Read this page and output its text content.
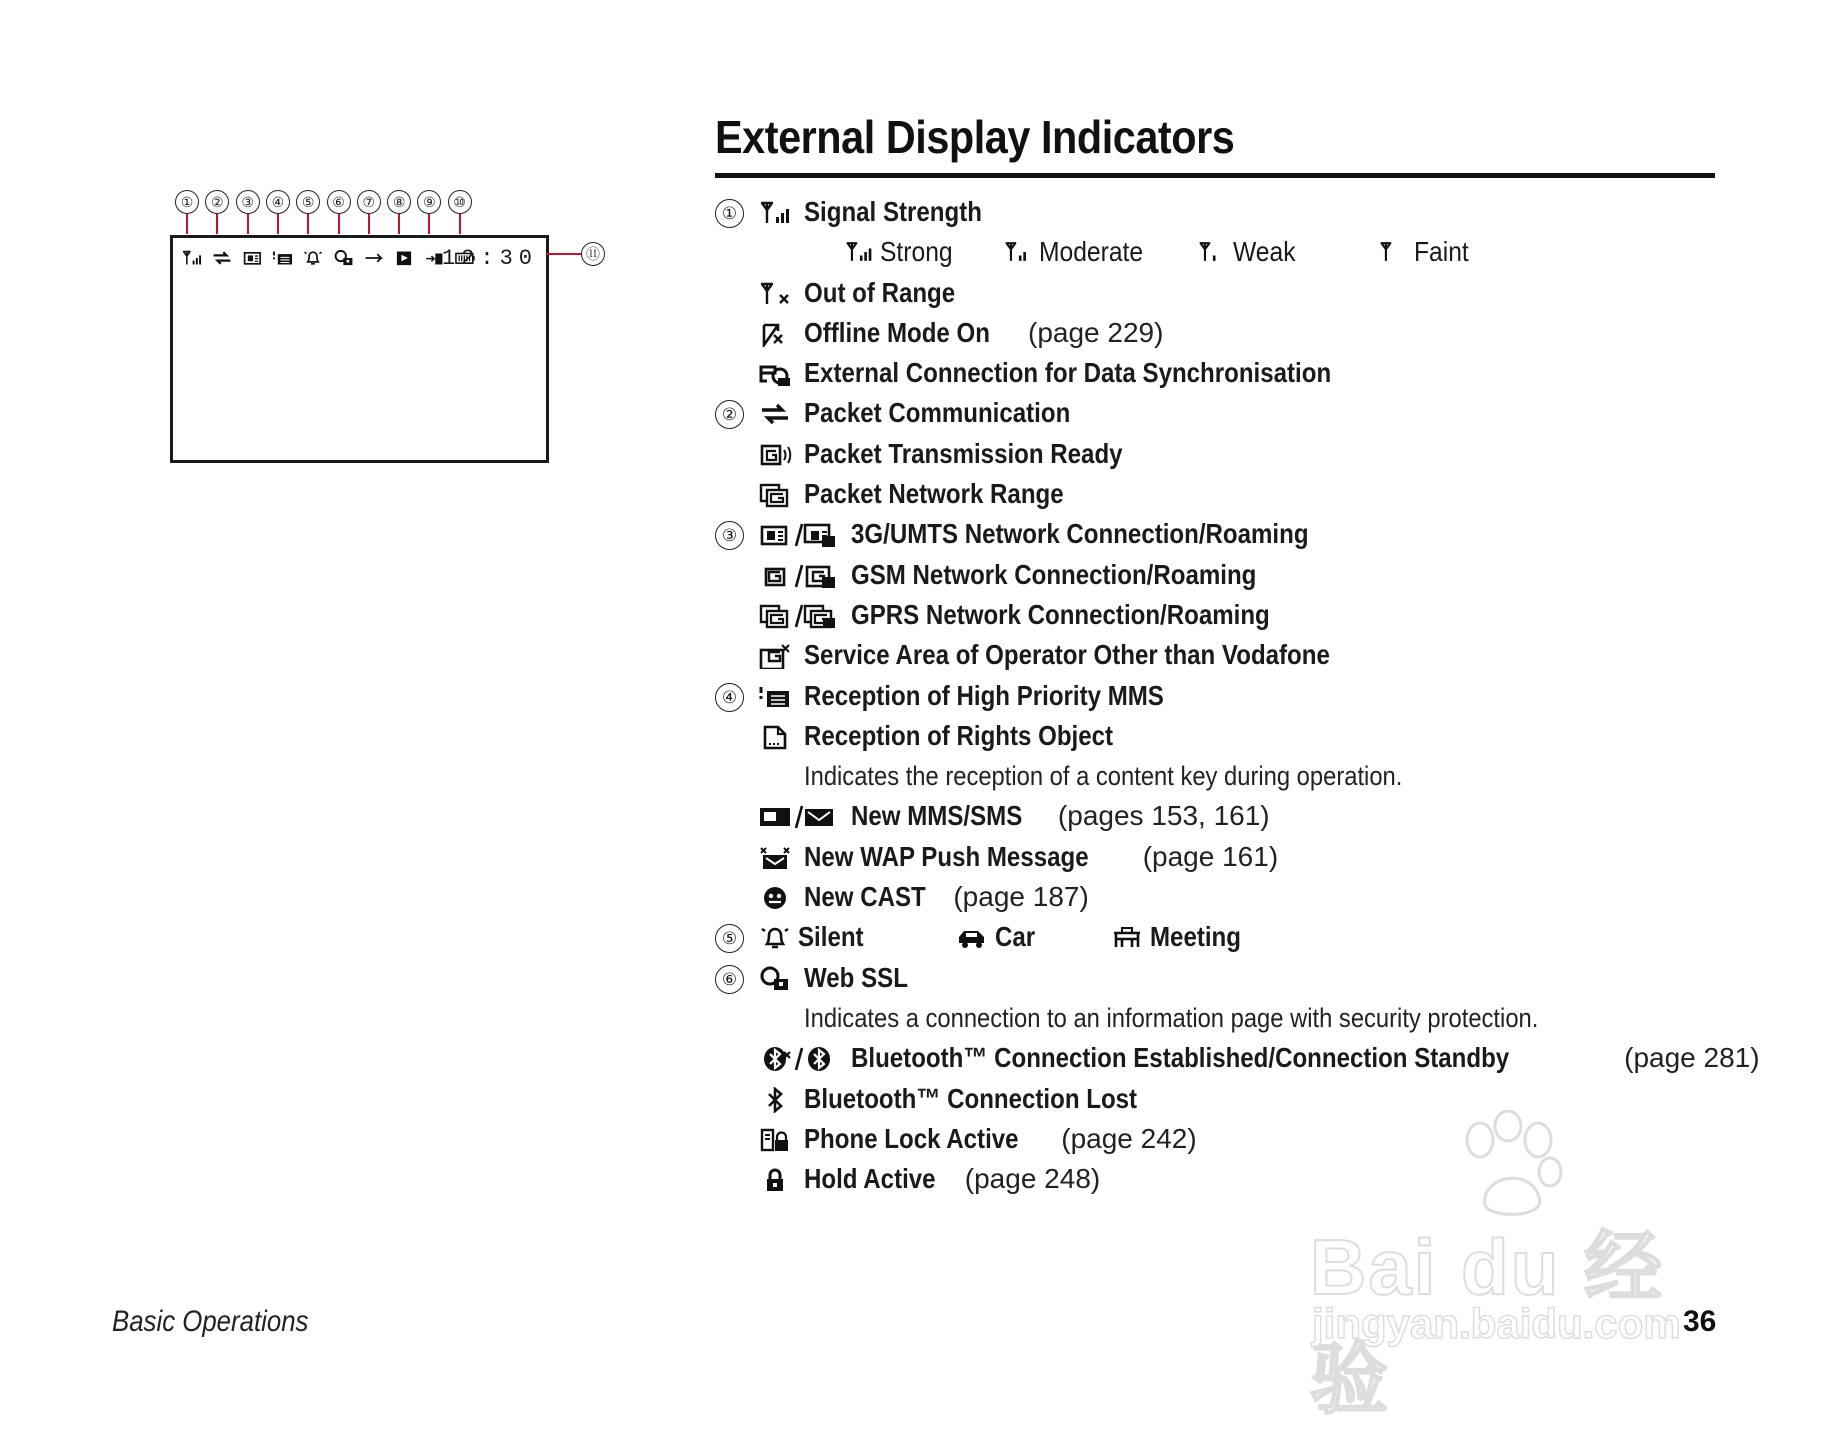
①	②	③	④	⑤	⑥	⑦	⑧	⑨	⑩
12:30	⑪
External Display Indicators
① Signal Strength
Strong	Moderate	Weak	Faint
Out of Range
Offline Mode On (page 229)
External Connection for Data Synchronisation
② Packet Communication
Packet Transmission Ready
Packet Network Range
③	3G/UMTS Network Connection/Roaming
GSM Network Connection/Roaming
GPRS Network Connection/Roaming
Service Area of Operator Other than Vodafone
④ Reception of High Priority MMS
Reception of Rights Object
Indicates the reception of a content key during operation.
New MMS/SMS (pages 153, 161)
New WAP Push Message (page 161)
New CAST (page 187)
⑤	Silent	Car	Meeting
⑥ Web SSL
Indicates a connection to an information page with security protection.
Bluetooth™ Connection Established/Connection Standby	(page 281)
Bluetooth™ Connection Lost
Phone Lock Active (page 242)
Hold Active (page 248)
Bai du 经验
jingyan.baidu.com
Basic Operations	36
